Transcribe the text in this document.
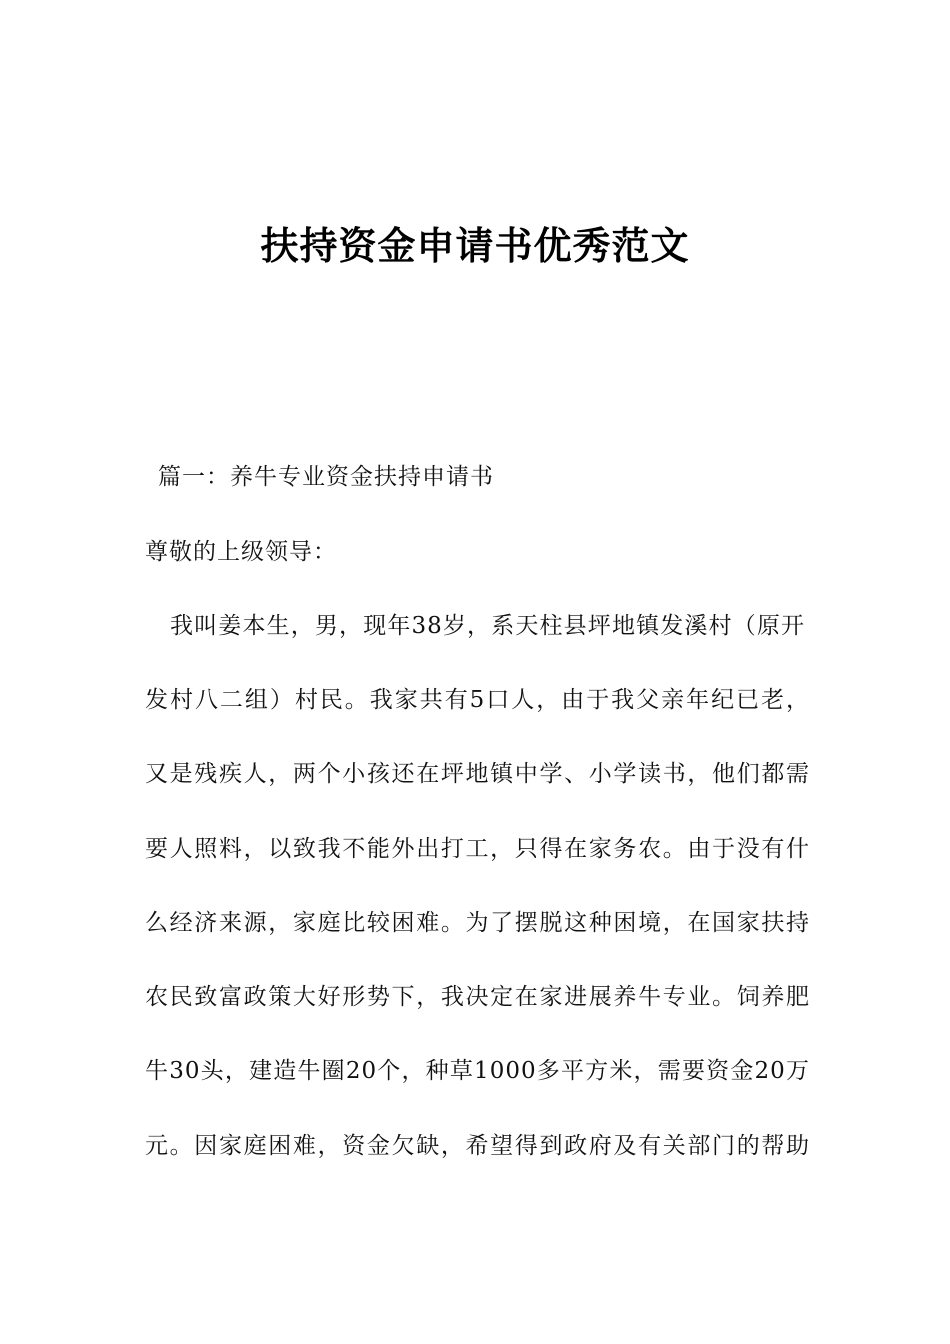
扶持资金申请书优秀范文
篇一：养牛专业资金扶持申请书
尊敬的上级领导：
我叫姜本生，男，现年38岁，系天柱县坪地镇发溪村（原开
发村八二组）村民。我家共有5口人，由于我父亲年纪已老，
又是残疾人，两个小孩还在坪地镇中学、小学读书，他们都需
要人照料，以致我不能外出打工，只得在家务农。由于没有什
么经济来源，家庭比较困难。为了摆脱这种困境，在国家扶持
农民致富政策大好形势下，我决定在家进展养牛专业。饲养肥
牛30头，建造牛圈20个，种草1000多平方米，需要资金20万
元。因家庭困难，资金欠缺，希望得到政府及有关部门的帮助
